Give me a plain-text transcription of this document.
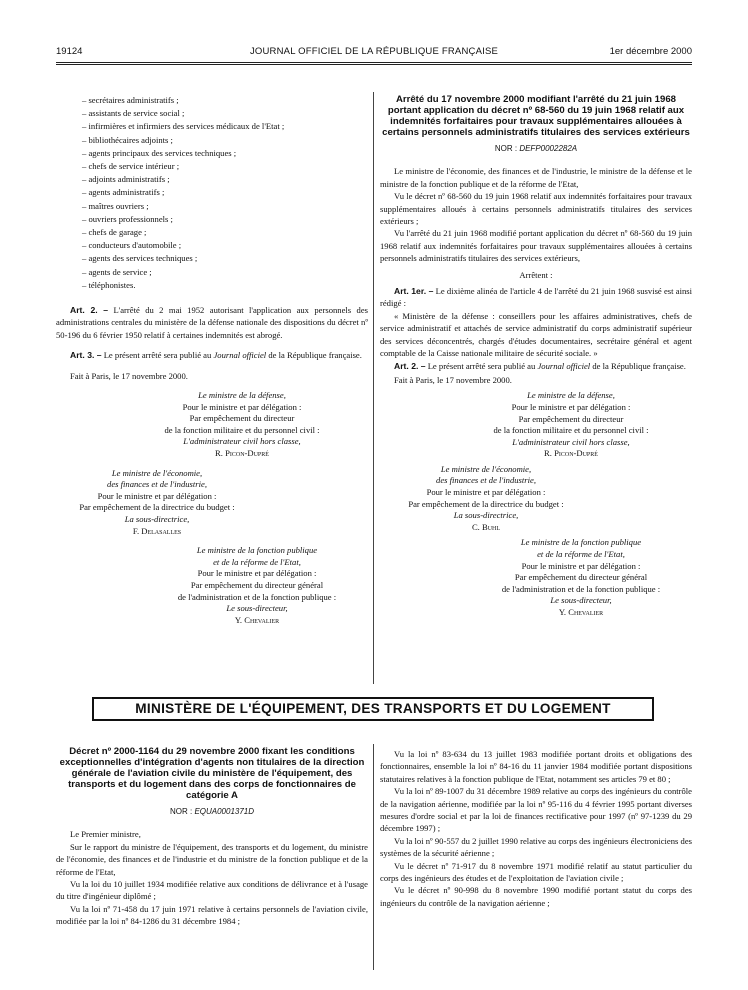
19124	JOURNAL OFFICIEL DE LA RÉPUBLIQUE FRANÇAISE	1er décembre 2000
– secrétaires administratifs ;
– assistants de service social ;
– infirmières et infirmiers des services médicaux de l'Etat ;
– bibliothécaires adjoints ;
– agents principaux des services techniques ;
– chefs de service intérieur ;
– adjoints administratifs ;
– agents administratifs ;
– maîtres ouvriers ;
– ouvriers professionnels ;
– chefs de garage ;
– conducteurs d'automobile ;
– agents des services techniques ;
– agents de service ;
– téléphonistes.

Art. 2. – L'arrêté du 2 mai 1952 autorisant l'application aux personnels des administrations centrales du ministère de la défense nationale des dispositions du décret nº 50-196 du 6 février 1950 relatif à certaines indemnités est abrogé.

Art. 3. – Le présent arrêté sera publié au Journal officiel de la République française.

Fait à Paris, le 17 novembre 2000.

Le ministre de la défense,
Pour le ministre et par délégation :
Par empêchement du directeur
de la fonction militaire et du personnel civil :
L'administrateur civil hors classe,
R. Picon-Dupré
Le ministre de l'économie,
des finances et de l'industrie,
Pour le ministre et par délégation :
Par empêchement de la directrice du budget :
La sous-directrice,
F. Delasalles
Le ministre de la fonction publique
et de la réforme de l'Etat,
Pour le ministre et par délégation :
Par empêchement du directeur général
de l'administration et de la fonction publique :
Le sous-directeur,
Y. Chevalier
Arrêté du 17 novembre 2000 modifiant l'arrêté du 21 juin 1968 portant application du décret nº 68-560 du 19 juin 1968 relatif aux indemnités forfaitaires pour travaux supplémentaires allouées à certains personnels administratifs titulaires des services extérieurs
NOR : DEFP0002282A

Le ministre de l'économie, des finances et de l'industrie, le ministre de la défense et le ministre de la fonction publique et de la réforme de l'Etat,

Vu le décret nº 68-560 du 19 juin 1968 relatif aux indemnités forfaitaires pour travaux supplémentaires alloués à certains personnels administratifs titulaires des services extérieurs ;

Vu l'arrêté du 21 juin 1968 modifié portant application du décret nº 68-560 du 19 juin 1968 relatif aux indemnités forfaitaires pour travaux supplémentaires allouées à certains personnels administratifs titulaires des services extérieurs,

Arrêtent :

Art. 1er. – Le dixième alinéa de l'article 4 de l'arrêté du 21 juin 1968 susvisé est ainsi rédigé :

« Ministère de la défense : conseillers pour les affaires administratives, chefs de service administratif et attachés de service administratif du corps administratif supérieur des services déconcentrés, chargés d'études documentaires, secrétaire général et agent comptable de la Caisse nationale militaire de sécurité sociale. »

Art. 2. – Le présent arrêté sera publié au Journal officiel de la République française.

Fait à Paris, le 17 novembre 2000.

Le ministre de la défense,
Pour le ministre et par délégation :
Par empêchement du directeur
de la fonction militaire et du personnel civil :
L'administrateur civil hors classe,
R. Picon-Dupré
Le ministre de l'économie,
des finances et de l'industrie,
Pour le ministre et par délégation :
Par empêchement de la directrice du budget :
La sous-directrice,
C. Buhl
Le ministre de la fonction publique
et de la réforme de l'Etat,
Pour le ministre et par délégation :
Par empêchement du directeur général
de l'administration et de la fonction publique :
Le sous-directeur,
Y. Chevalier
MINISTÈRE DE L'ÉQUIPEMENT, DES TRANSPORTS ET DU LOGEMENT
Décret nº 2000-1164 du 29 novembre 2000 fixant les conditions exceptionnelles d'intégration d'agents non titulaires de la direction générale de l'aviation civile du ministère de l'équipement, des transports et du logement dans des corps de fonctionnaires de catégorie A
NOR : EQUA0001371D

Le Premier ministre,

Sur le rapport du ministre de l'équipement, des transports et du logement, du ministre de l'économie, des finances et de l'industrie et du ministre de la fonction publique et de la réforme de l'Etat,

Vu la loi du 10 juillet 1934 modifiée relative aux conditions de délivrance et à l'usage du titre d'ingénieur diplômé ;

Vu la loi nº 71-458 du 17 juin 1971 relative à certains personnels de l'aviation civile, modifiée par la loi nº 84-1286 du 31 décembre 1984 ;

Vu la loi nº 83-634 du 13 juillet 1983 modifiée portant droits et obligations des fonctionnaires, ensemble la loi nº 84-16 du 11 janvier 1984 modifiée portant dispositions statutaires relatives à la fonction publique de l'Etat, notamment ses articles 79 et 80 ;

Vu la loi nº 89-1007 du 31 décembre 1989 relative au corps des ingénieurs du contrôle de la navigation aérienne, modifiée par la loi nº 95-116 du 4 février 1995 portant diverses mesures d'ordre social et par la loi de finances rectificative pour 1997 (nº 97-1239 du 29 décembre 1997) ;

Vu la loi nº 90-557 du 2 juillet 1990 relative au corps des ingénieurs électroniciens des systèmes de la sécurité aérienne ;

Vu le décret nº 71-917 du 8 novembre 1971 modifié relatif au statut particulier du corps des ingénieurs des études et de l'exploitation de l'aviation civile ;

Vu le décret nº 90-998 du 8 novembre 1990 modifié portant statut du corps des ingénieurs du contrôle de la navigation aérienne ;
